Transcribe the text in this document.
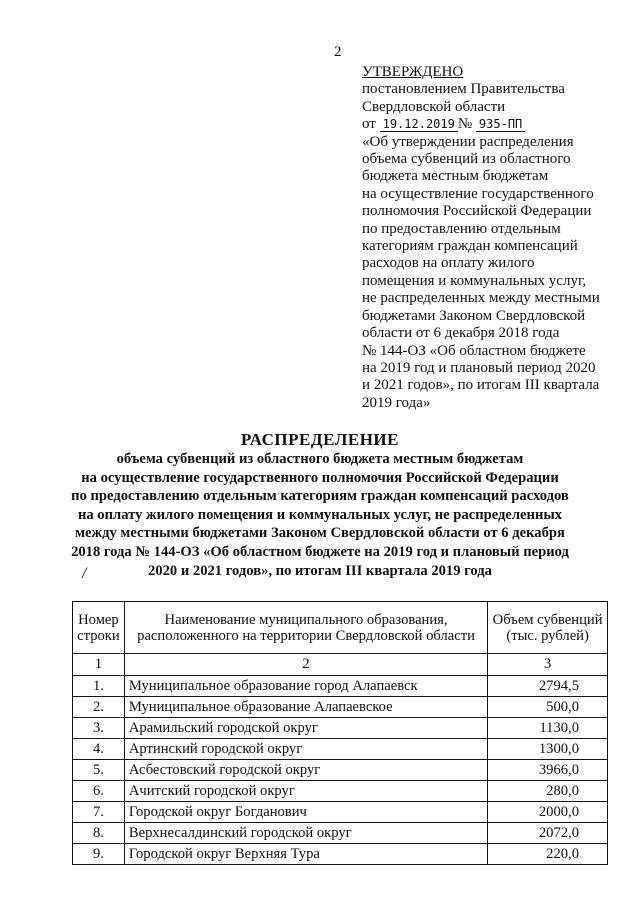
2
УТВЕРЖДЕНО
постановлением Правительства
Свердловской области
от 19.12.2019 № 935-ПП
«Об утверждении распределения
объема субвенций из областного
бюджета местным бюджетам
на осуществление государственного
полномочия Российской Федерации
по предоставлению отдельным
категориям граждан компенсаций
расходов на оплату жилого
помещения и коммунальных услуг,
не распределенных между местными
бюджетами Законом Свердловской
области от 6 декабря 2018 года
№ 144-ОЗ «Об областном бюджете
на 2019 год и плановый период 2020
и 2021 годов», по итогам III квартала
2019 года»
РАСПРЕДЕЛЕНИЕ
объема субвенций из областного бюджета местным бюджетам
на осуществление государственного полномочия Российской Федерации
по предоставлению отдельным категориям граждан компенсаций расходов
на оплату жилого помещения и коммунальных услуг, не распределенных
между местными бюджетами Законом Свердловской области от 6 декабря
2018 года № 144-ОЗ «Об областном бюджете на 2019 год и плановый период
2020 и 2021 годов», по итогам III квартала 2019 года
/
Номер строки	Наименование муниципального образования, расположенного на территории Свердловской области	Объем субвенций (тыс. рублей)
1	2	3
1.	Муниципальное образование город Алапаевск	2794,5
2.	Муниципальное образование Алапаевское	500,0
3.	Арамильский городской округ	1130,0
4.	Артинский городской округ	1300,0
5.	Асбестовский городской округ	3966,0
6.	Ачитский городской округ	280,0
7.	Городской округ Богданович	2000,0
8.	Верхнесалдинский городской округ	2072,0
9.	Городской округ Верхняя Тура	220,0
